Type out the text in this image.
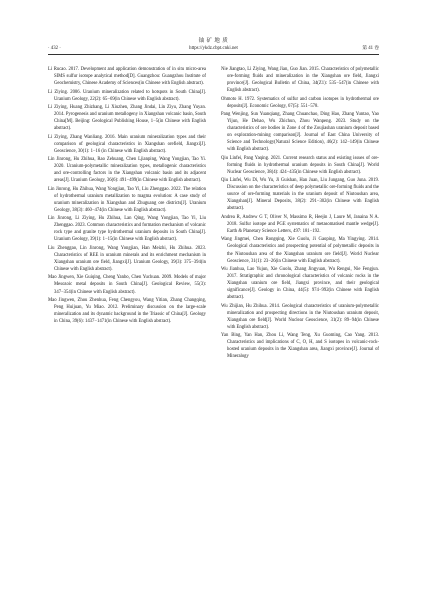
铀 矿 地 质
· 432 ·	https://ykdz.cbpt.cnki.net	第 41 卷

Li Rucao. 2017. Development and application demonstration of in situ micro-area SIMS sulfur isotope analytical method[D]. Guangzhou: Guangzhou Institute of Geochemistry, Chinese Academy of Sciences(in Chinese with English abstract).

Li Ziying. 2006. Uranium mineralization related to hotspots in South China[J]. Uranium Geology, 22(2): 65−69(in Chinese with English abstract).

Li Ziying, Huang Zhizhang, Li Xiuzhen, Zhang Jindai, Lin Ziyu, Zhang Yuyan. 2014. Pyrogenesis and uranium metallogeny in Xiangshan volcanic basin, South China[M]. Beijing: Geological Publishing House, 1−5(in Chinese with English abstract).

Li Ziying, Zhang Wanliang. 2016. Main uranium mineralization types and their comparison of geological characteristics in Xiangshan orefield, Jiangxi[J]. Geoscience, 30(1): 1−16 (in Chinese with English abstract).

Lin Jinrong, Hu Zhihua, Rao Zehuang, Chen Ljianping, Wang Yongjian, Tao Yi. 2020. Uranium-polymetallic mineralization types, metallogenic characteristics and ore-controlling factors in the Xiangshan volcanic basin and its adjacent areas[J]. Uranium Geology, 36(6): 491−499(in Chinese with English abstract).

Lin Jinrong, Hu Zhihua, Wang Yongjian, Tao Yi, Liu Zhenggao. 2022. The relation of hydrothermal uranium metallization to magma evolution: A case study of uranium mineralization in Xiangshan and Zhuguang ore districts[J]. Uranium Geology, 38(3): 460−474(in Chinese with English abstract).

Lin Jinrong, Li Ziying, Hu Zhihua, Lan Qing, Wang Yongjian, Tao Yi, Liu Zhenggao. 2023. Common characteristics and formation mechanism of volcanic rock type and granite type hydrothermal uranium deposits in South China[J]. Uranium Geology, 39(1): 1−15(in Chinese with English abstract).

Liu Zhenggao, Lin Jinrong, Wang Yongjian, Han Meizhi, Hu Zhihua. 2023. Characteristics of REE in uranium minerals and its enrichment mechanism in Xiangshan uranium ore field, Jiangxi[J]. Uranium Geology, 39(3): 375−394(in Chinese with English abstract).

Mao Jingwen, Xie Guiqing, Cheng Yanbo, Chen Yuchuan. 2009. Models of major Mesozoic metal deposits in South China[J]. Geological Review, 55(3): 347−354(in Chinese with English abstract).

Mao Jingwen, Zhou Zhenhua, Feng Chengyou, Wang Yitian, Zhang Changqing, Peng Huijuan, Yu Miao. 2012. Preliminary discussion on the large-scale mineralization and its dynamic background in the Triassic of China[J]. Geology in China, 39(6): 1437−1471(in Chinese with English abstract).

Nie Jiangtao, Li Ziying, Wang Jian, Guo Jian. 2015. Characteristics of polymetallic ore-forming fluids and mineralization in the Xiangshan ore field, Jiangxi province[J]. Geological Bulletin of China, 34(Z1): 535−547(in Chinese with English abstract).

Ohmoto H. 1972. Systematics of sulfur and carbon isotopes in hydrothermal ore deposits[J]. Economic Geology, 67(5): 551−578.

Pang Wenjing, Sun Yuanqiang, Zhang Chuanchao, Ding Hao, Zhang Yuntao, Yao Yijun, He Dehao, Wu Zhichun, Zhou Wanpeng. 2023. Study on the characteristics of ore bodies in Zone 4 of the Zoujiashan uranium deposit based on exploration-mining comparison[J]. Journal of East China University of Science and Technology(Natural Science Edition), 46(2): 142−149(in Chinese with English abstract).

Qiu Linfei, Pang Yaqing. 2021. Current research status and existing issues of ore-forming fluids in hydrothermal uranium deposits in South China[J]. World Nuclear Geoscience, 38(4): 424−435(in Chinese with English abstract).

Qiu Linfei, Wu Di, Wu Yu, Ji Guishan, Han Juan, Liu Jungang, Guo Juna. 2019. Discussion on the characteristics of deep polymetallic ore-forming fluids and the source of ore-forming materials in the uranium deposit of Niutoushan area, Xiangshan[J]. Mineral Deposits, 38(2): 291−302(in Chinese with English abstract).

Andrea R, Andrew G T, Oliver N, Massimo R, Heejin J, Laure M, Janaina N A. 2018. Sulfur isotope and PGE systematics of metasomatised mantle wedge[J]. Earth & Planetary Science Letters, 497: 181−192.

Wang Jingmei, Chen Rongqing, Xie Guolu, Ji Gaoping, Ma Yingying. 2014. Geological characteristics and prospecting potential of polymetallic deposits in the Niutoushan area of the Xiangshan uranium ore field[J]. World Nuclear Geoscience, 31(1): 23−26(in Chinese with English abstract).

Wu Jianhua, Lao Yujun, Xie Guolu, Zhang Jingyuan, Wu Rengui, Nie Fengjun. 2017. Stratigraphic and chronological characteristics of volcanic rocks in the Xiangshan uranium ore field, Jiangxi province, and their geological significance[J]. Geology in China, 44(5): 974−992(in Chinese with English abstract).

Wu Zhijian, Hu Zhihua. 2014. Geological characteristics of uranium-polymetallic mineralization and prospecting directions in the Niutoushan uranium deposit, Xiangshan ore field[J]. World Nuclear Geoscience, 31(2): 89−94(in Chinese with English abstract).

Yan Bing, Yan Han, Zhou Li, Wang Teng, Xu Guoming, Cao Yang. 2013. Characteristics and implications of C, O, H, and S isotopes in volcanic-rock-hosted uranium deposits in the Xiangshan area, Jiangxi province[J]. Journal of Mineralogy
